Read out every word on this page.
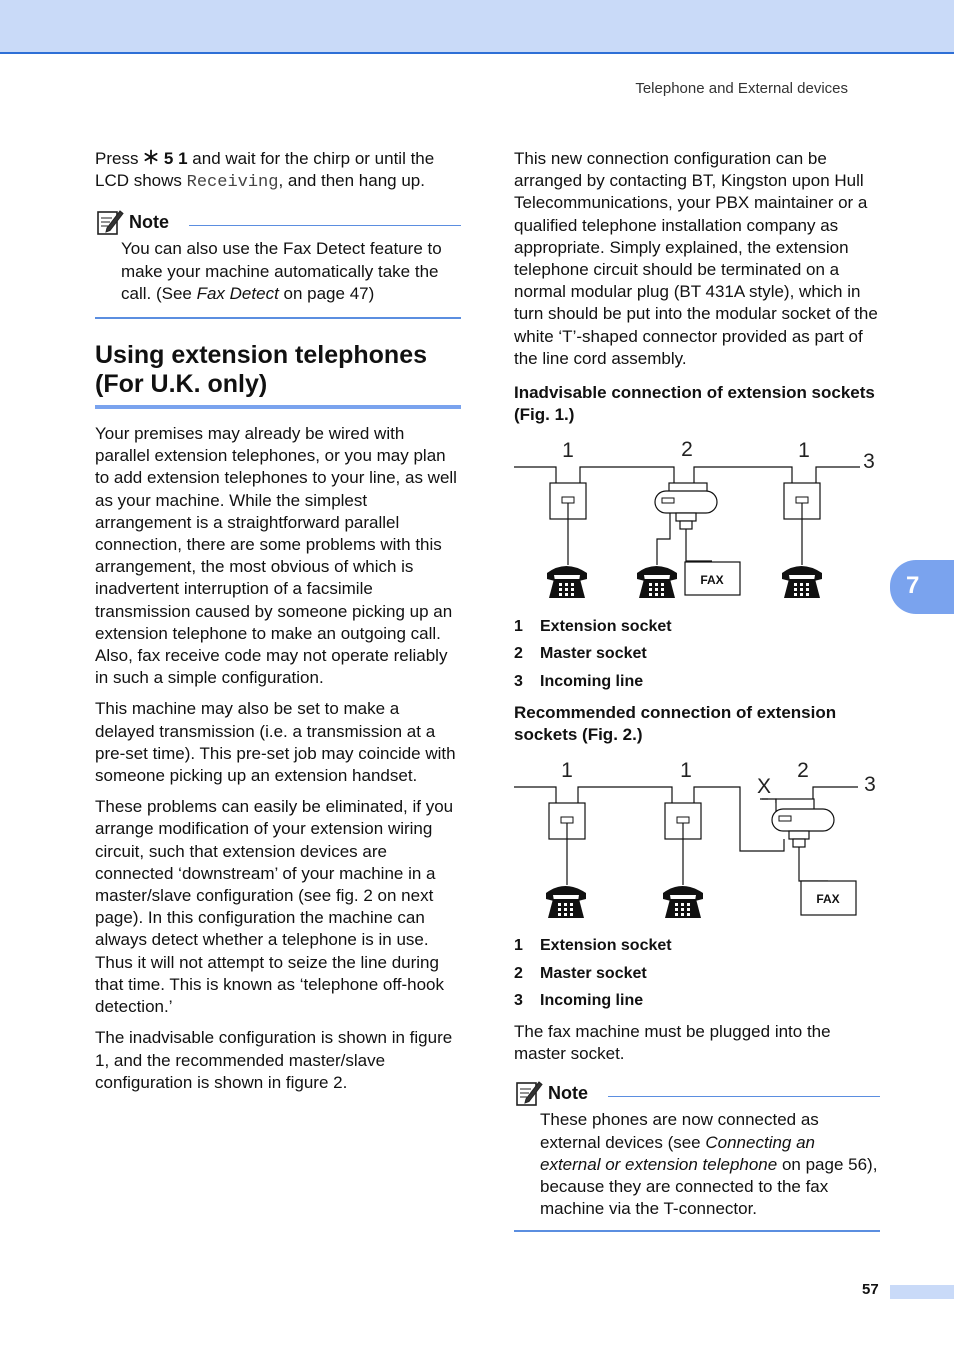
Telephone and External devices

Press  5 1 and wait for the chirp or until the LCD shows Receiving, and then hang up.

Note
You can also use the Fax Detect feature to make your machine automatically take the call. (See Fax Detect on page 47)
Using extension telephones (For U.K. only)

Your premises may already be wired with parallel extension telephones, or you may plan to add extension telephones to your line, as well as your machine. While the simplest arrangement is a straightforward parallel connection, there are some problems with this arrangement, the most obvious of which is inadvertent interruption of a facsimile transmission caused by someone picking up an extension telephone to make an outgoing call. Also, fax receive code may not operate reliably in such a simple configuration.

This machine may also be set to make a delayed transmission (i.e. a transmission at a pre-set time). This pre-set job may coincide with someone picking up an extension handset.

These problems can easily be eliminated, if you arrange modification of your extension wiring circuit, such that extension devices are connected ‘downstream’ of your machine in a master/slave configuration (see fig. 2 on next page). In this configuration the machine can always detect whether a telephone is in use. Thus it will not attempt to seize the line during that time. This is known as ‘telephone off-hook detection.’

The inadvisable configuration is shown in figure 1, and the recommended master/slave configuration is shown in figure 2.

This new connection configuration can be arranged by contacting BT, Kingston upon Hull Telecommunications, your PBX maintainer or a qualified telephone installation company as appropriate. Simply explained, the extension telephone circuit should be terminated on a normal modular plug (BT 431A style), which in turn should be put into the modular socket of the white ‘T’-shaped connector provided as part of the line cord assembly.

Inadvisable connection of extension sockets (Fig. 1.)

1	2	1	3
FAX
1	Extension socket
2	Master socket
3	Incoming line

Recommended connection of extension sockets (Fig. 2.)

1	1
X
2
3
FAX
1	Extension socket
2	Master socket
3	Incoming line

The fax machine must be plugged into the master socket.

Note
These phones are now connected as external devices (see Connecting an external or extension telephone on page 56), because they are connected to the fax machine via the T-connector.
7
57
